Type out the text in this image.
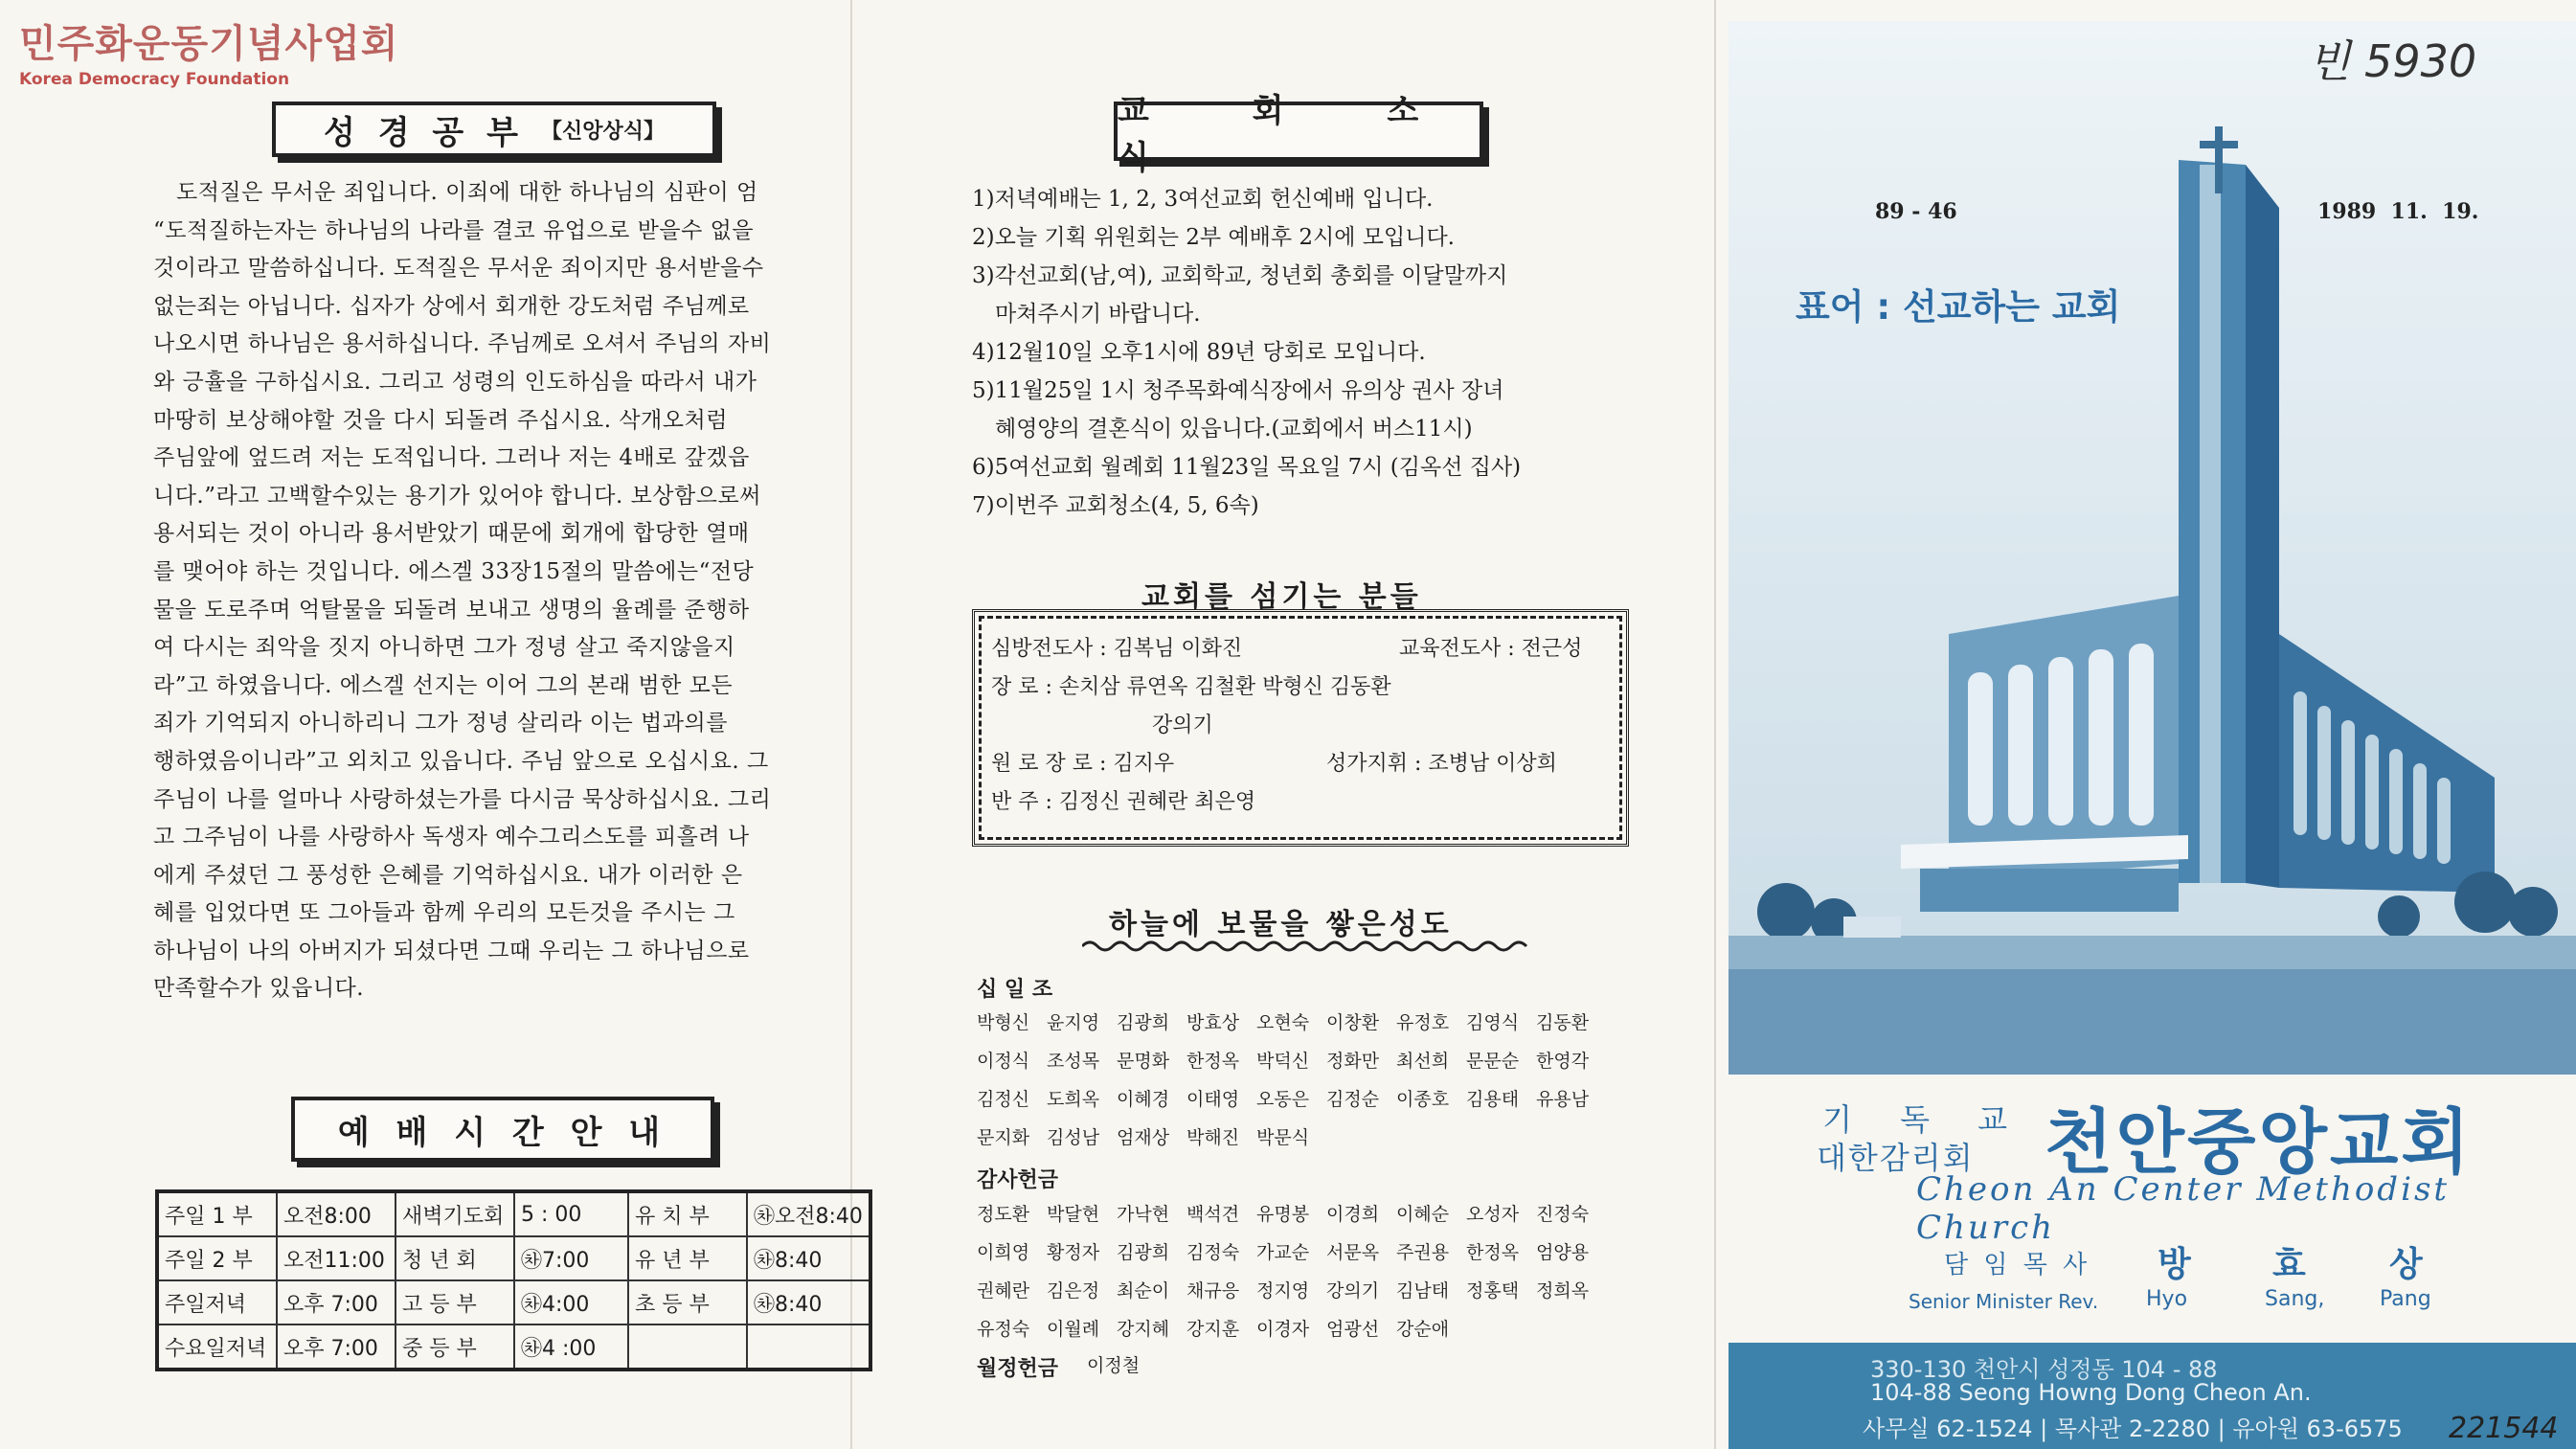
민주화운동기념사업회
Korea Democracy Foundation
성 경 공 부 【신앙상식】
도적질은 무서운 죄입니다. 이죄에 대한 하나님의 심판이 엄
“도적질하는자는 하나님의 나라를 결코 유업으로 받을수 없을
것이라고 말씀하십니다. 도적질은 무서운 죄이지만 용서받을수
없는죄는 아닙니다. 십자가 상에서 회개한 강도처럼 주님께로
나오시면 하나님은 용서하십니다. 주님께로 오셔서 주님의 자비
와 긍휼을 구하십시요. 그리고 성령의 인도하심을 따라서 내가
마땅히 보상해야할 것을 다시 되돌려 주십시요. 삭개오처럼
주님앞에 엎드려 저는 도적입니다. 그러나 저는 4배로 갚겠읍
니다.”라고 고백할수있는 용기가 있어야 합니다. 보상함으로써
용서되는 것이 아니라 용서받았기 때문에 회개에 합당한 열매
를 맺어야 하는 것입니다. 에스겔 33장15절의 말씀에는“전당
물을 도로주며 억탈물을 되돌려 보내고 생명의 율례를 준행하
여 다시는 죄악을 짓지 아니하면 그가 정녕 살고 죽지않을지
라”고 하였읍니다. 에스겔 선지는 이어 그의 본래 범한 모든
죄가 기억되지 아니하리니 그가 정녕 살리라 이는 법과의를
행하였음이니라”고 외치고 있읍니다. 주님 앞으로 오십시요. 그
주님이 나를 얼마나 사랑하셨는가를 다시금 묵상하십시요. 그리
고 그주님이 나를 사랑하사 독생자 예수그리스도를 피흘려 나
에게 주셨던 그 풍성한 은혜를 기억하십시요. 내가 이러한 은
혜를 입었다면 또 그아들과 함께 우리의 모든것을 주시는 그
하나님이 나의 아버지가 되셨다면 그때 우리는 그 하나님으로
만족할수가 있읍니다.
예 배 시 간 안 내
주일 1 부	오전8:00	새벽기도회	5 : 00	유 치 부	㉷오전8:40
주일 2 부	오전11:00	청 년 회	㉷7:00	유 년 부	㉷8:40
주일저녁	오후 7:00	고 등 부	㉷4:00	초 등 부	㉷8:40
수요일저녁	오후 7:00	중 등 부	㉷4 :00		
교 회 소 식
1)저녁예배는 1, 2, 3여선교회 헌신예배 입니다.
2)오늘 기획 위원회는 2부 예배후 2시에 모입니다.
3)각선교회(남,여), 교회학교, 청년회 총회를 이달말까지
마쳐주시기 바랍니다.
4)12월10일 오후1시에 89년 당회로 모입니다.
5)11월25일 1시 청주목화예식장에서 유의상 권사 장녀
혜영양의 결혼식이 있읍니다.(교회에서 버스11시)
6)5여선교회 월례회 11월23일 목요일 7시 (김옥선 집사)
7)이번주 교회청소(4, 5, 6속)
교회를 섬기는 분들
심방전도사 : 김복님 이화진	교육전도사 : 전근성
장 로 : 손치삼 류연옥 김철환 박형신 김동환
강의기
원 로 장 로 : 김지우	성가지휘 : 조병남 이상희
반 주 : 김정신 권혜란 최은영
하늘에 보물을 쌓은성도
십 일 조
박형신 윤지영 김광희 방효상 오현숙 이창환 유정호 김영식 김동환
이정식 조성목 문명화 한정옥 박덕신 정화만 최선희 문문순 한영각
김정신 도희옥 이혜경 이태영 오동은 김정순 이종호 김용태 유용남
문지화 김성남 엄재상 박해진 박문식
감사헌금
정도환 박달현 가낙현 백석견 유명봉 이경희 이혜순 오성자 진정숙
이희영 황정자 김광희 김정숙 가교순 서문옥 주권용 한정옥 엄양용
권혜란 김은정 최순이 채규응 정지영 강의기 김남태 정홍택 정희옥
유정숙 이월례 강지혜 강지훈 이경자 엄광선 강순애
월정헌금 이정철
빈 5930
89 - 46	1989  11.  19.
표어 : 선교하는 교회
기 독 교
대한감리회 천안중앙교회
Cheon An Center Methodist Church
담 임 목 사 방 효 상
Senior Minister Rev. Hyo	Sang,	Pang
330-130 천안시 성정동 104 - 88
104-88 Seong Howng Dong Cheon An.
사무실 62-1524 | 목사관 2-2280 | 유아원 63-6575 221544
